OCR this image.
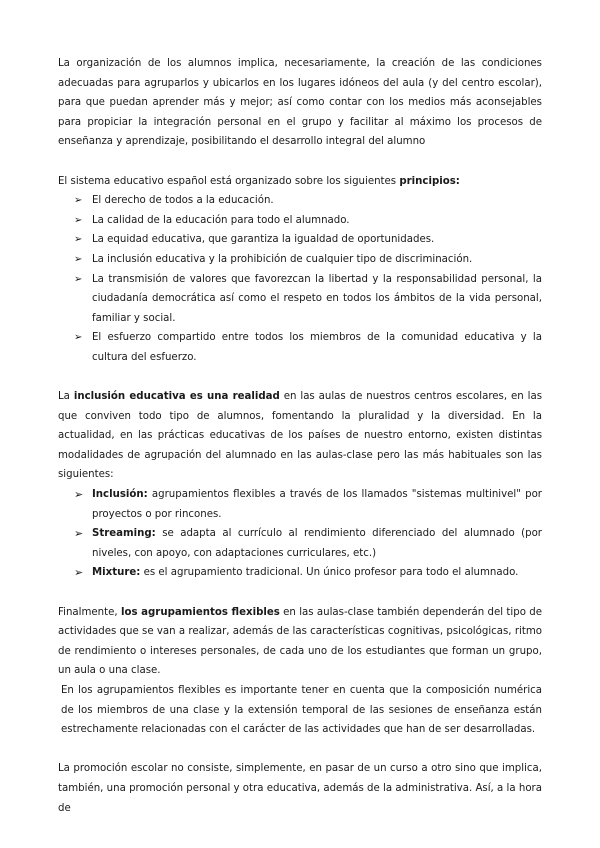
La organización de los alumnos implica, necesariamente, la creación de las condiciones adecuadas para agruparlos y ubicarlos en los lugares idóneos del aula (y del centro escolar), para que puedan aprender más y mejor; así como contar con los medios más aconsejables para propiciar la integración personal en el grupo y facilitar al máximo los procesos de enseñanza y aprendizaje, posibilitando el desarrollo integral del alumno

El sistema educativo español está organizado sobre los siguientes principios:

➢ El derecho de todos a la educación.
➢ La calidad de la educación para todo el alumnado.
➢ La equidad educativa, que garantiza la igualdad de oportunidades.
➢ La inclusión educativa y la prohibición de cualquier tipo de discriminación.
➢ La transmisión de valores que favorezcan la libertad y la responsabilidad personal, la ciudadanía democrática así como el respeto en todos los ámbitos de la vida personal, familiar y social.
➢ El esfuerzo compartido entre todos los miembros de la comunidad educativa y la cultura del esfuerzo.

La inclusión educativa es una realidad en las aulas de nuestros centros escolares, en las que conviven todo tipo de alumnos, fomentando la pluralidad y la diversidad. En la actualidad, en las prácticas educativas de los países de nuestro entorno, existen distintas modalidades de agrupación del alumnado en las aulas-clase pero las más habituales son las siguientes:

➢ Inclusión: agrupamientos flexibles a través de los llamados "sistemas multinivel" por proyectos o por rincones.
➢ Streaming: se adapta al currículo al rendimiento diferenciado del alumnado (por niveles, con apoyo, con adaptaciones curriculares, etc.)
➢ Mixture: es el agrupamiento tradicional. Un único profesor para todo el alumnado.

Finalmente, los agrupamientos flexibles en las aulas-clase también dependerán del tipo de actividades que se van a realizar, además de las características cognitivas, psicológicas, ritmo de rendimiento o intereses personales, de cada uno de los estudiantes que forman un grupo, un aula o una clase.

En los agrupamientos flexibles es importante tener en cuenta que la composición numérica de los miembros de una clase y la extensión temporal de las sesiones de enseñanza están estrechamente relacionadas con el carácter de las actividades que han de ser desarrolladas.

La promoción escolar no consiste, simplemente, en pasar de un curso a otro sino que implica, también, una promoción personal y otra educativa, además de la administrativa. Así, a la hora de
